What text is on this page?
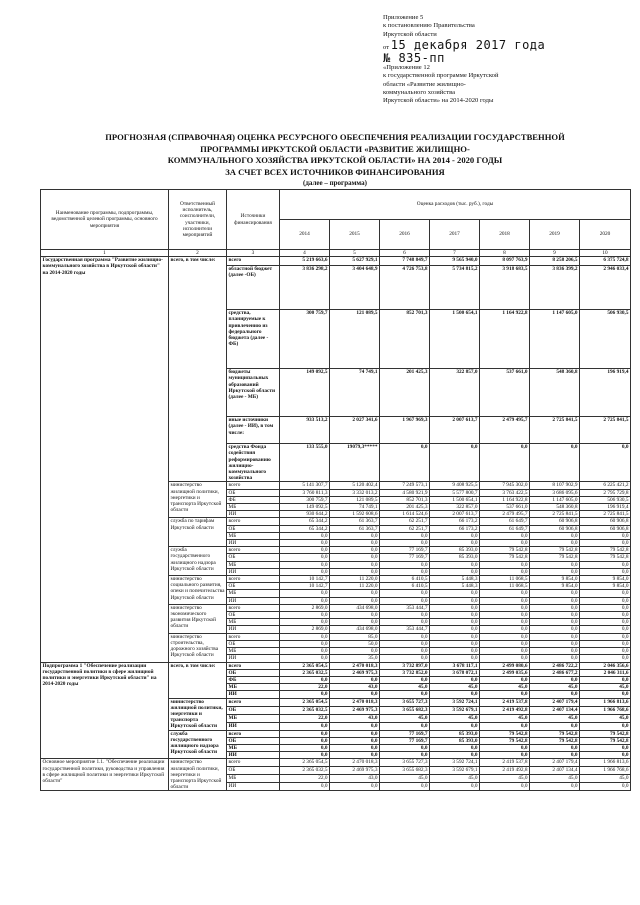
Приложение 5
к постановлению Правительства
Иркутской области
от 15 декабря 2017 года
№ 835-пп
«Приложение 12
к государственной программе Иркутской
области «Развитие жилищно-
коммунального хозяйства
Иркутской области» на 2014-2020 годы
ПРОГНОЗНАЯ (СПРАВОЧНАЯ) ОЦЕНКА РЕСУРСНОГО ОБЕСПЕЧЕНИЯ РЕАЛИЗАЦИИ ГОСУДАРСТВЕННОЙ
ПРОГРАММЫ ИРКУТСКОЙ ОБЛАСТИ «РАЗВИТИЕ ЖИЛИЩНО-
КОММУНАЛЬНОГО ХОЗЯЙСТВА ИРКУТСКОЙ ОБЛАСТИ» НА 2014 - 2020 ГОДЫ
ЗА СЧЕТ ВСЕХ ИСТОЧНИКОВ ФИНАНСИРОВАНИЯ
(далее – программа)
Наименование программы, подпрограммы, ведомственной целевой программы, основного мероприятия	Ответственный исполнитель, соисполнители, участники, исполнители мероприятий	Источники финансирования	Оценка расходов (тыс. руб.), годы						
			2014	2015	2016	2017	2018	2019	2020
1	2	3	4	5	6	7	8	9	10
Государственная программа "Развитие жилищно-коммунального хозяйства в Иркутской области" на 2014-2020 годы	всего, в том числе:	всего	5 219 663,6	5 627 929,1	7 748 849,7	9 565 940,0	8 097 763,9	8 258 206,5	6 375 724,8
		областной бюджет (далее -ОБ)	3 836 298,2	3 404 648,9	4 726 753,8	5 734 815,2	3 918 683,5	3 836 399,2	2 946 033,4
		средства, планируемые к привлечению из федерального бюджета (далее - ФБ)	300 759,7	121 089,5	852 701,3	1 500 654,1	1 164 922,8	1 147 605,0	506 930,5
		бюджеты муниципальных образований Иркутской области (далее - МБ)	149 092,5	74 749,1	201 425,3	322 857,0	537 661,0	548 360,8	196 919,4
		иные источники (далее - ИИ), в том числе:	933 513,2	2 027 341,6	1 967 969,3	2 007 613,7	2 479 495,7	2 725 841,5	2 725 841,5
		средства Фонда содействия реформированию жилищно-коммунального хозяйства	133 555,0	19079,3*****	0,0	0,0	0,0	0,0	0,0
	министерство жилищной политики, энергетики и транспорта Иркутской области	всего	5 141 307,7	5 120 402,4	7 249 573,1	9 408 925,5	7 945 302,0	8 107 902,9	6 225 421,2
		ОБ	3 760 811,3	3 332 013,2	4 580 921,9	5 577 800,7	3 763 422,5	3 686 095,6	2 795 729,8
		ФБ	300 759,7	121 089,5	852 701,3	1 500 654,1	1 164 922,8	1 147 605,0	506 930,5
		МБ	149 092,5	74 749,1	201 425,3	322 857,0	537 661,0	548 360,8	196 919,4
		ИИ	930 644,2	1 592 608,6	1 614 524,6	2 007 613,7	2 479 495,7	2 725 841,5	2 725 841,5
	служба по тарифам Иркутской области	всего	65 344,2	61 363,7	62 251,7	66 173,2	61 649,7	60 906,8	60 906,8
		ОБ	65 344,2	61 363,7	62 251,7	66 173,2	61 649,7	60 906,8	60 906,8
		МБ	0,0	0,0	0,0	0,0	0,0	0,0	0,0
		ИИ	0,0	0,0	0,0	0,0	0,0	0,0	0,0
	служба государственного жилищного надзора Иркутской области	всего	0,0	0,0	77 169,7	85 393,0	79 542,8	79 542,8	79 542,8
		ОБ	0,0	0,0	77 169,7	85 393,0	79 542,8	79 542,8	79 542,8
		МБ	0,0	0,0	0,0	0,0	0,0	0,0	0,0
		ИИ	0,0	0,0	0,0	0,0	0,0	0,0	0,0
	министерство социального развития, опеки и попечительства Иркутской области	всего	10 142,7	11 220,0	6 410,5	5 448,3	11 068,5	9 854,0	9 854,0
		ОБ	10 142,7	11 220,0	6 410,5	5 448,3	11 068,5	9 854,0	9 854,0
		МБ	0,0	0,0	0,0	0,0	0,0	0,0	0,0
		ИИ	0,0	0,0	0,0	0,0	0,0	0,0	0,0
	министерство экономического развития Иркутской области	всего	2 869,0	434 698,0	353 444,7	0,0	0,0	0,0	0,0
		ОБ	0,0	0,0	0,0	0,0	0,0	0,0	0,0
		МБ	0,0	0,0	0,0	0,0	0,0	0,0	0,0
		ИИ	2 869,0	434 698,0	353 444,7	0,0	0,0	0,0	0,0
	министерство строительства, дорожного хозяйства Иркутской области	всего	0,0	85,0	0,0	0,0	0,0	0,0	0,0
		ОБ	0,0	50,0	0,0	0,0	0,0	0,0	0,0
		МБ	0,0	0,0	0,0	0,0	0,0	0,0	0,0
		ИИ	0,0	35,0	0,0	0,0	0,0	0,0	0,0
Подпрограмма 1 "Обеспечение реализации государственной политики в сфере жилищной политики и энергетики Иркутской области" на 2014-2020 годы	всего, в том числе:	всего	2 365 054,5	2 470 018,3	3 732 897,0	3 678 117,1	2 499 080,6	2 486 722,2	2 046 356,6
		ОБ	2 365 032,5	2 469 975,3	3 732 852,0	3 678 072,1	2 499 035,6	2 486 677,2	2 046 311,6
		ФБ	0,0	0,0	0,0	0,0	0,0	0,0	0,0
		МБ	22,0	43,0	45,0	45,0	45,0	45,0	45,0
		ИИ	0,0	0,0	0,0	0,0	0,0	0,0	0,0
	министерство жилищной политики, энергетики и транспорта Иркутской области	всего	2 365 054,5	2 470 018,3	3 655 727,3	3 592 724,1	2 419 537,8	2 407 179,4	1 966 813,6
		ОБ	2 365 032,5	2 469 975,3	3 655 682,3	3 592 679,1	2 419 492,8	2 407 134,4	1 966 768,6
		МБ	22,0	43,0	45,0	45,0	45,0	45,0	45,0
		ИИ	0,0	0,0	0,0	0,0	0,0	0,0	0,0
	служба государственного жилищного надзора Иркутской области	всего	0,0	0,0	77 169,7	85 393,0	79 542,8	79 542,8	79 542,8
		ОБ	0,0	0,0	77 169,7	85 393,0	79 542,8	79 542,8	79 542,8
		МБ	0,0	0,0	0,0	0,0	0,0	0,0	0,0
		ИИ	0,0	0,0	0,0	0,0	0,0	0,0	0,0
Основное мероприятие 1.1. "Обеспечение реализации государственной политики, руководства и управления в сфере жилищной политики и энергетики Иркутской области"	министерство жилищной политики, энергетики и транспорта Иркутской области	всего	2 365 054,5	2 470 018,3	3 655 727,3	3 592 724,1	2 419 537,8	2 407 179,4	1 966 813,6
		ОБ	2 365 032,5	2 469 975,3	3 655 682,3	3 592 679,1	2 419 492,8	2 407 134,4	1 966 768,6
		МБ	22,0	43,0	45,0	45,0	45,0	45,0	45,0
		ИИ	0,0	0,0	0,0	0,0	0,0	0,0	0,0
